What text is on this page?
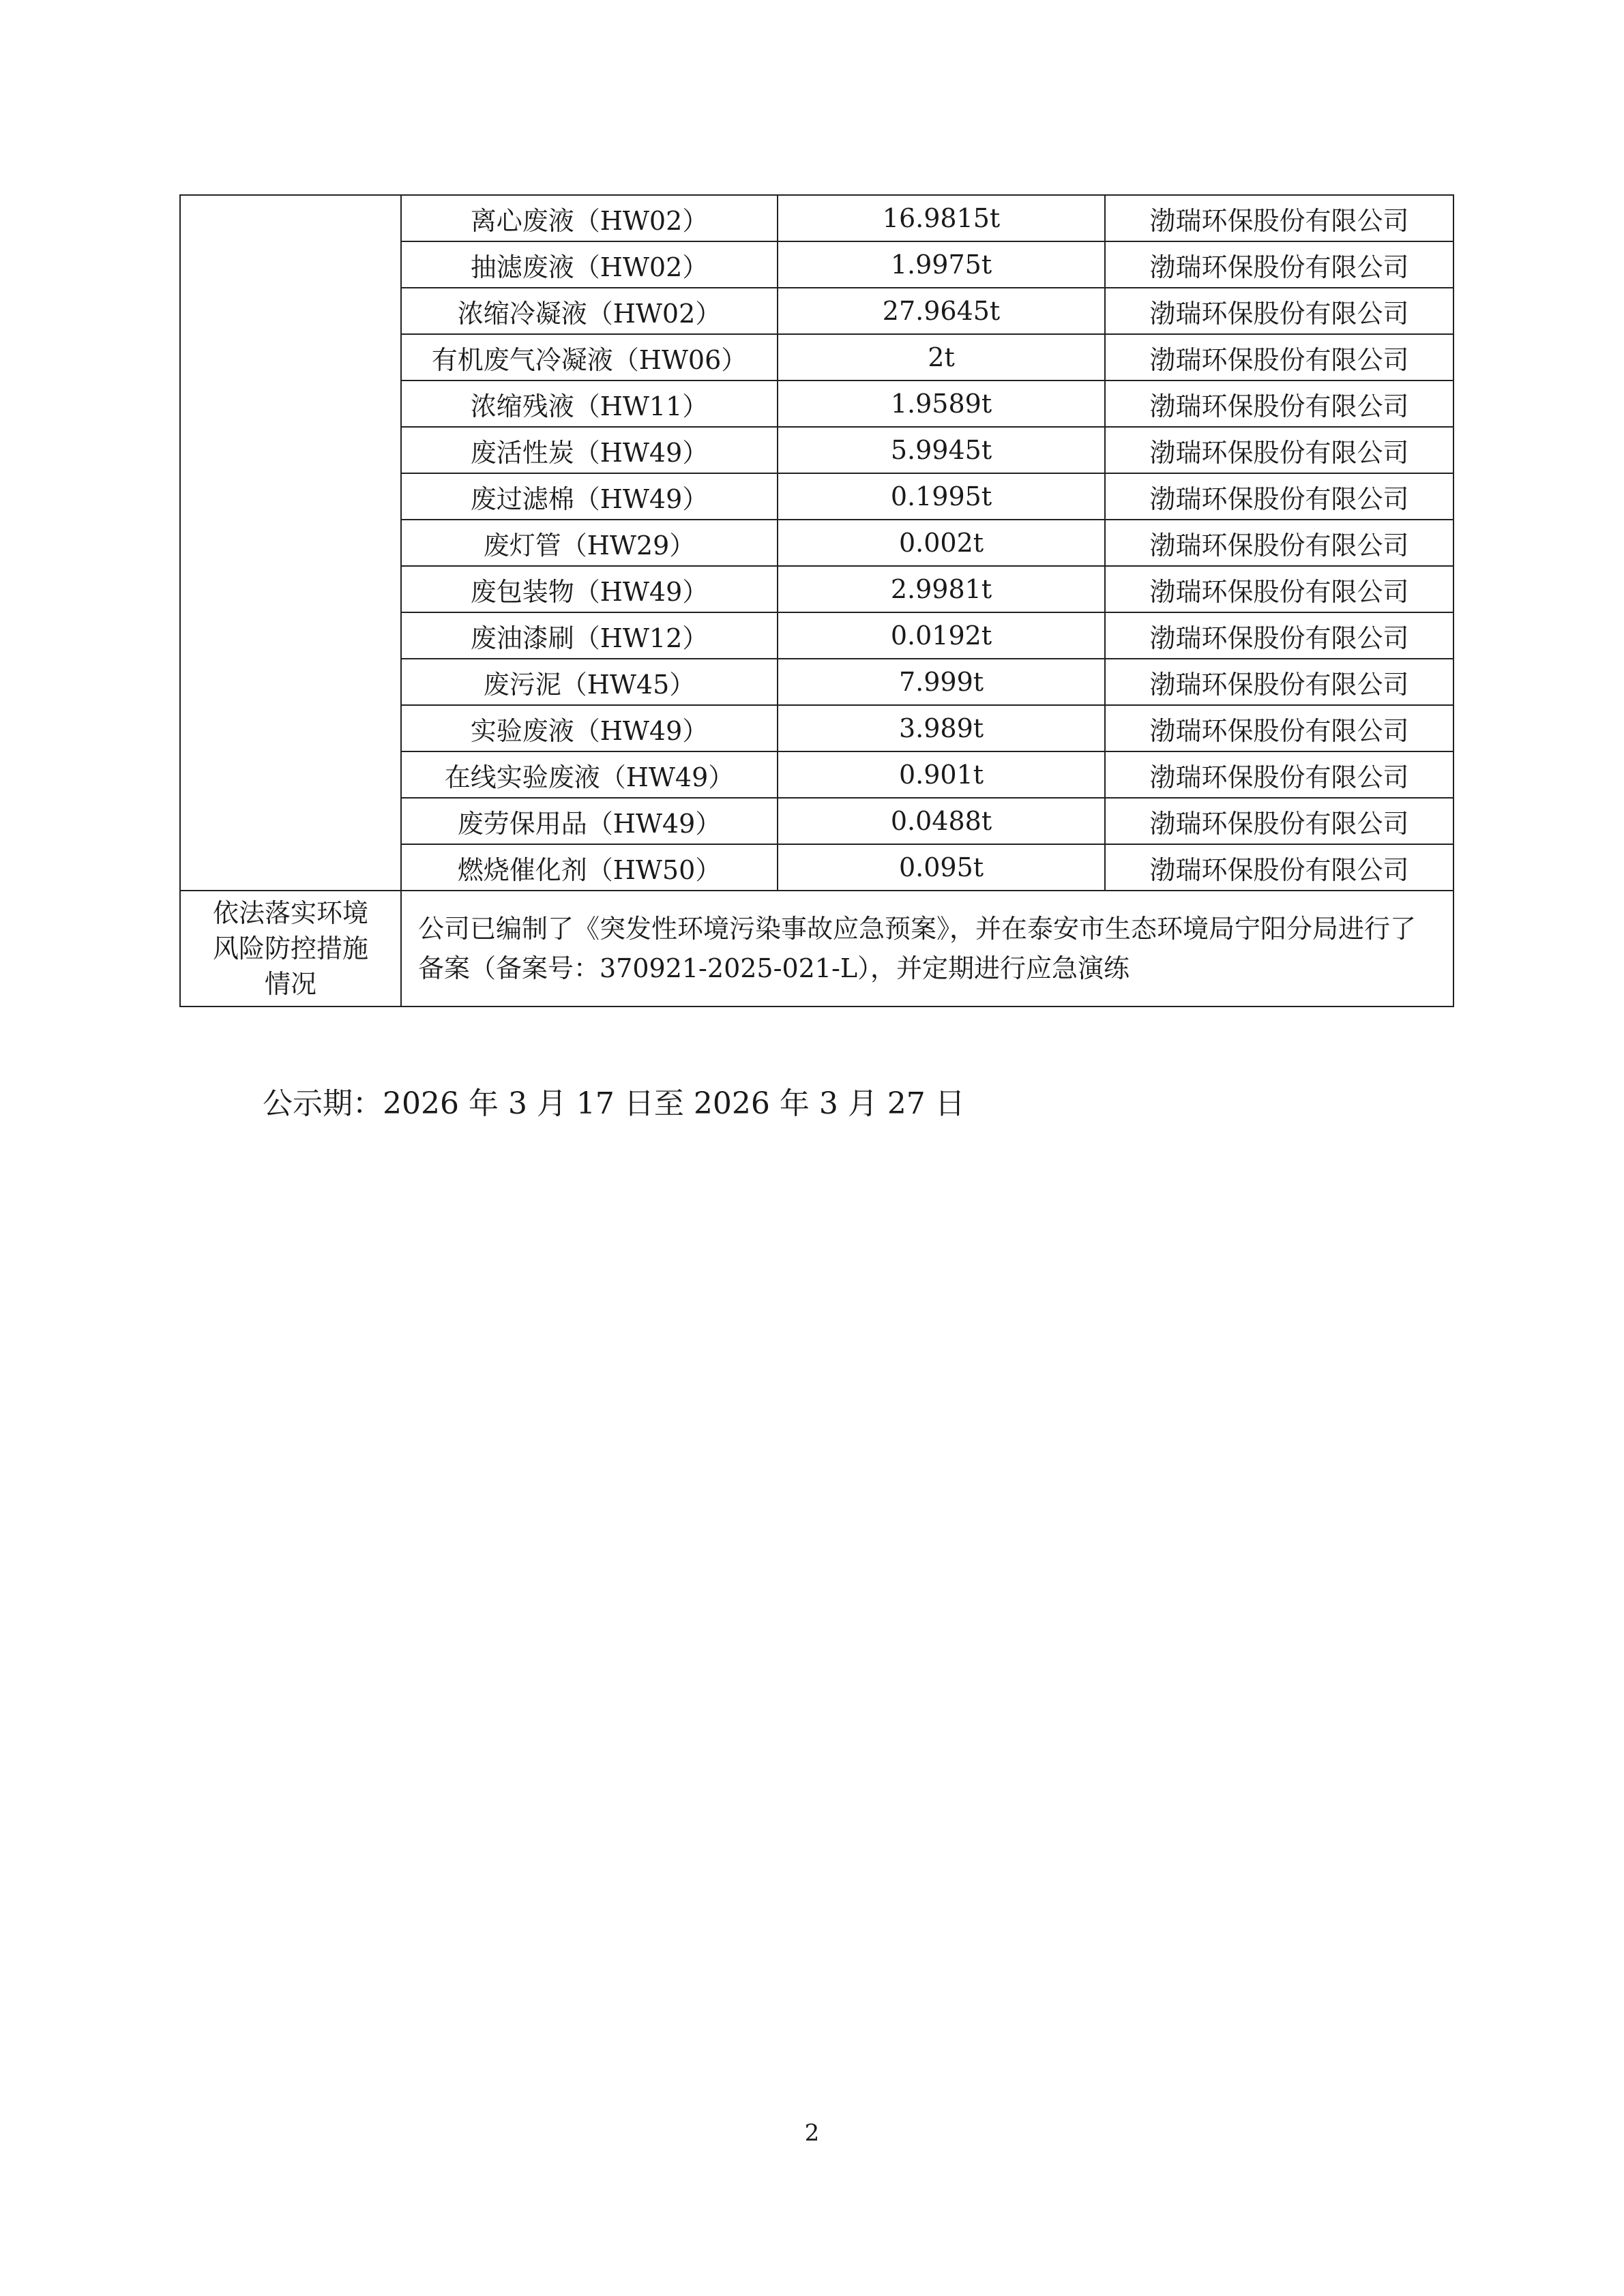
	离心废液（HW02）	16.9815t	渤瑞环保股份有限公司
	抽滤废液（HW02）	1.9975t	渤瑞环保股份有限公司
	浓缩冷凝液（HW02）	27.9645t	渤瑞环保股份有限公司
	有机废气冷凝液（HW06）	2t	渤瑞环保股份有限公司
	浓缩残液（HW11）	1.9589t	渤瑞环保股份有限公司
	废活性炭（HW49）	5.9945t	渤瑞环保股份有限公司
	废过滤棉（HW49）	0.1995t	渤瑞环保股份有限公司
	废灯管（HW29）	0.002t	渤瑞环保股份有限公司
	废包装物（HW49）	2.9981t	渤瑞环保股份有限公司
	废油漆刷（HW12）	0.0192t	渤瑞环保股份有限公司
	废污泥（HW45）	7.999t	渤瑞环保股份有限公司
	实验废液（HW49）	3.989t	渤瑞环保股份有限公司
	在线实验废液（HW49）	0.901t	渤瑞环保股份有限公司
	废劳保用品（HW49）	0.0488t	渤瑞环保股份有限公司
	燃烧催化剂（HW50）	0.095t	渤瑞环保股份有限公司

依法落实环境
风险防控措施
情况	公司已编制了《突发性环境污染事故应急预案》，并在泰安市生态环境局宁阳分局进行了备案（备案号：370921-2025-021-L），并定期进行应急演练		
公示期：2026 年 3 月 17 日至 2026 年 3 月 27 日
2
